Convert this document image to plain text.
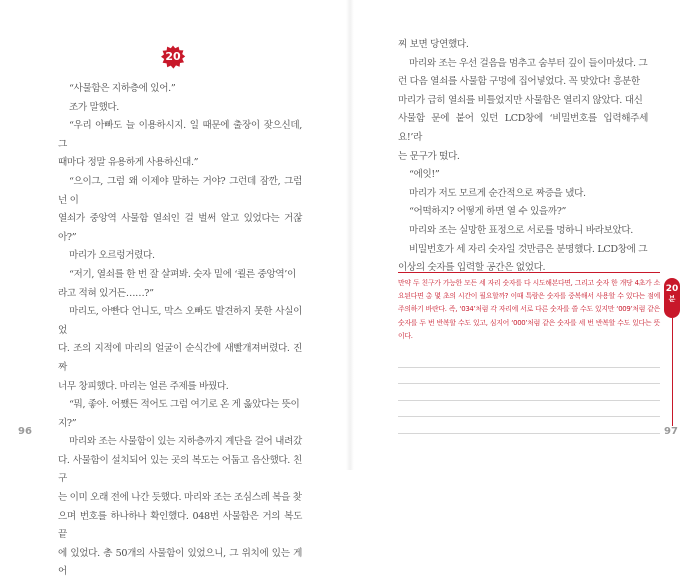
20

“사물함은 지하층에 있어.”

조가 말했다.

“우리 아빠도 늘 이용하시지. 일 때문에 출장이 잦으신데, 그

때마다 정말 유용하게 사용하신대.”

“으이그, 그럼 왜 이제야 말하는 거야? 그런데 잠깐, 그럼 넌 이

열쇠가 중앙역 사물함 열쇠인 걸 벌써 알고 있었다는 거잖아?”

마리가 오르렁거렸다.

“저기, 열쇠를 한 번 잘 살펴봐. 숫자 밑에 ‘쾰른 중앙역’이

라고 적혀 있거든……?”

마리도, 아빤다 언니도, 막스 오빠도 발견하지 못한 사실이었

다. 조의 지적에 마리의 얼굴이 순식간에 새빨개져버렸다. 진짜

너무 창피했다. 마리는 얼른 주제를 바꿨다.

“뭐, 좋아. 어쨌든 적어도 그럼 여기로 온 게 옳았다는 뜻이

지?”

마리와 조는 사물함이 있는 지하층까지 계단을 걸어 내려갔

다. 사물함이 설치되어 있는 곳의 복도는 어둡고 음산했다. 친구

는 이미 오래 전에 나간 듯했다. 마리와 조는 조심스레 복을 찾

으며 번호를 하나하나 확인했다. 048번 사물함은 거의 복도 끝

에 있었다. 총 50개의 사물함이 있었으니, 그 위치에 있는 게 어

96

찌 보면 당연했다.

마리와 조는 우선 걸음을 멈추고 숨부터 깊이 들이마셨다. 그

런 다음 열쇠를 사물함 구멍에 집어넣었다. 꼭 맞았다! 흥분한

마리가 급히 열쇠를 비틀었지만 사물함은 열리지 않았다. 대신

사물함 문에 붙어 있던 LCD창에 ‘비밀번호를 입력해주세요!’라

는 문구가 떴다.

“에잇!”

마리가 저도 모르게 순간적으로 짜증을 냈다.

“어떡하지? 어떻게 하면 열 수 있을까?”

마리와 조는 실망한 표정으로 서로를 멍하니 바라보았다.

비밀번호가 세 자리 숫자일 것만큼은 분명했다. LCD창에 그

이상의 숫자를 입력할 공간은 없었다.

만약 두 친구가 가능한 모든 세 자리 숫자를 다 시도해본다면, 그리고 숫자 한 개당 4초가 소요된다면 총 몇 초의 시간이 필요할까? 이때 특람은 숫자를 중복해서 사용할 수 있다는 점에 주의하기 바란다. 즉, ‘034’처럼 각 자리에 서로 다른 숫자를 쓸 수도 있지만 ‘009’처럼 같은 숫자를 두 번 반복할 수도 있고, 심지어 ‘000’처럼 같은 숫자를 세 번 반복할 수도 있다는 뜻이다.

20
분
97
